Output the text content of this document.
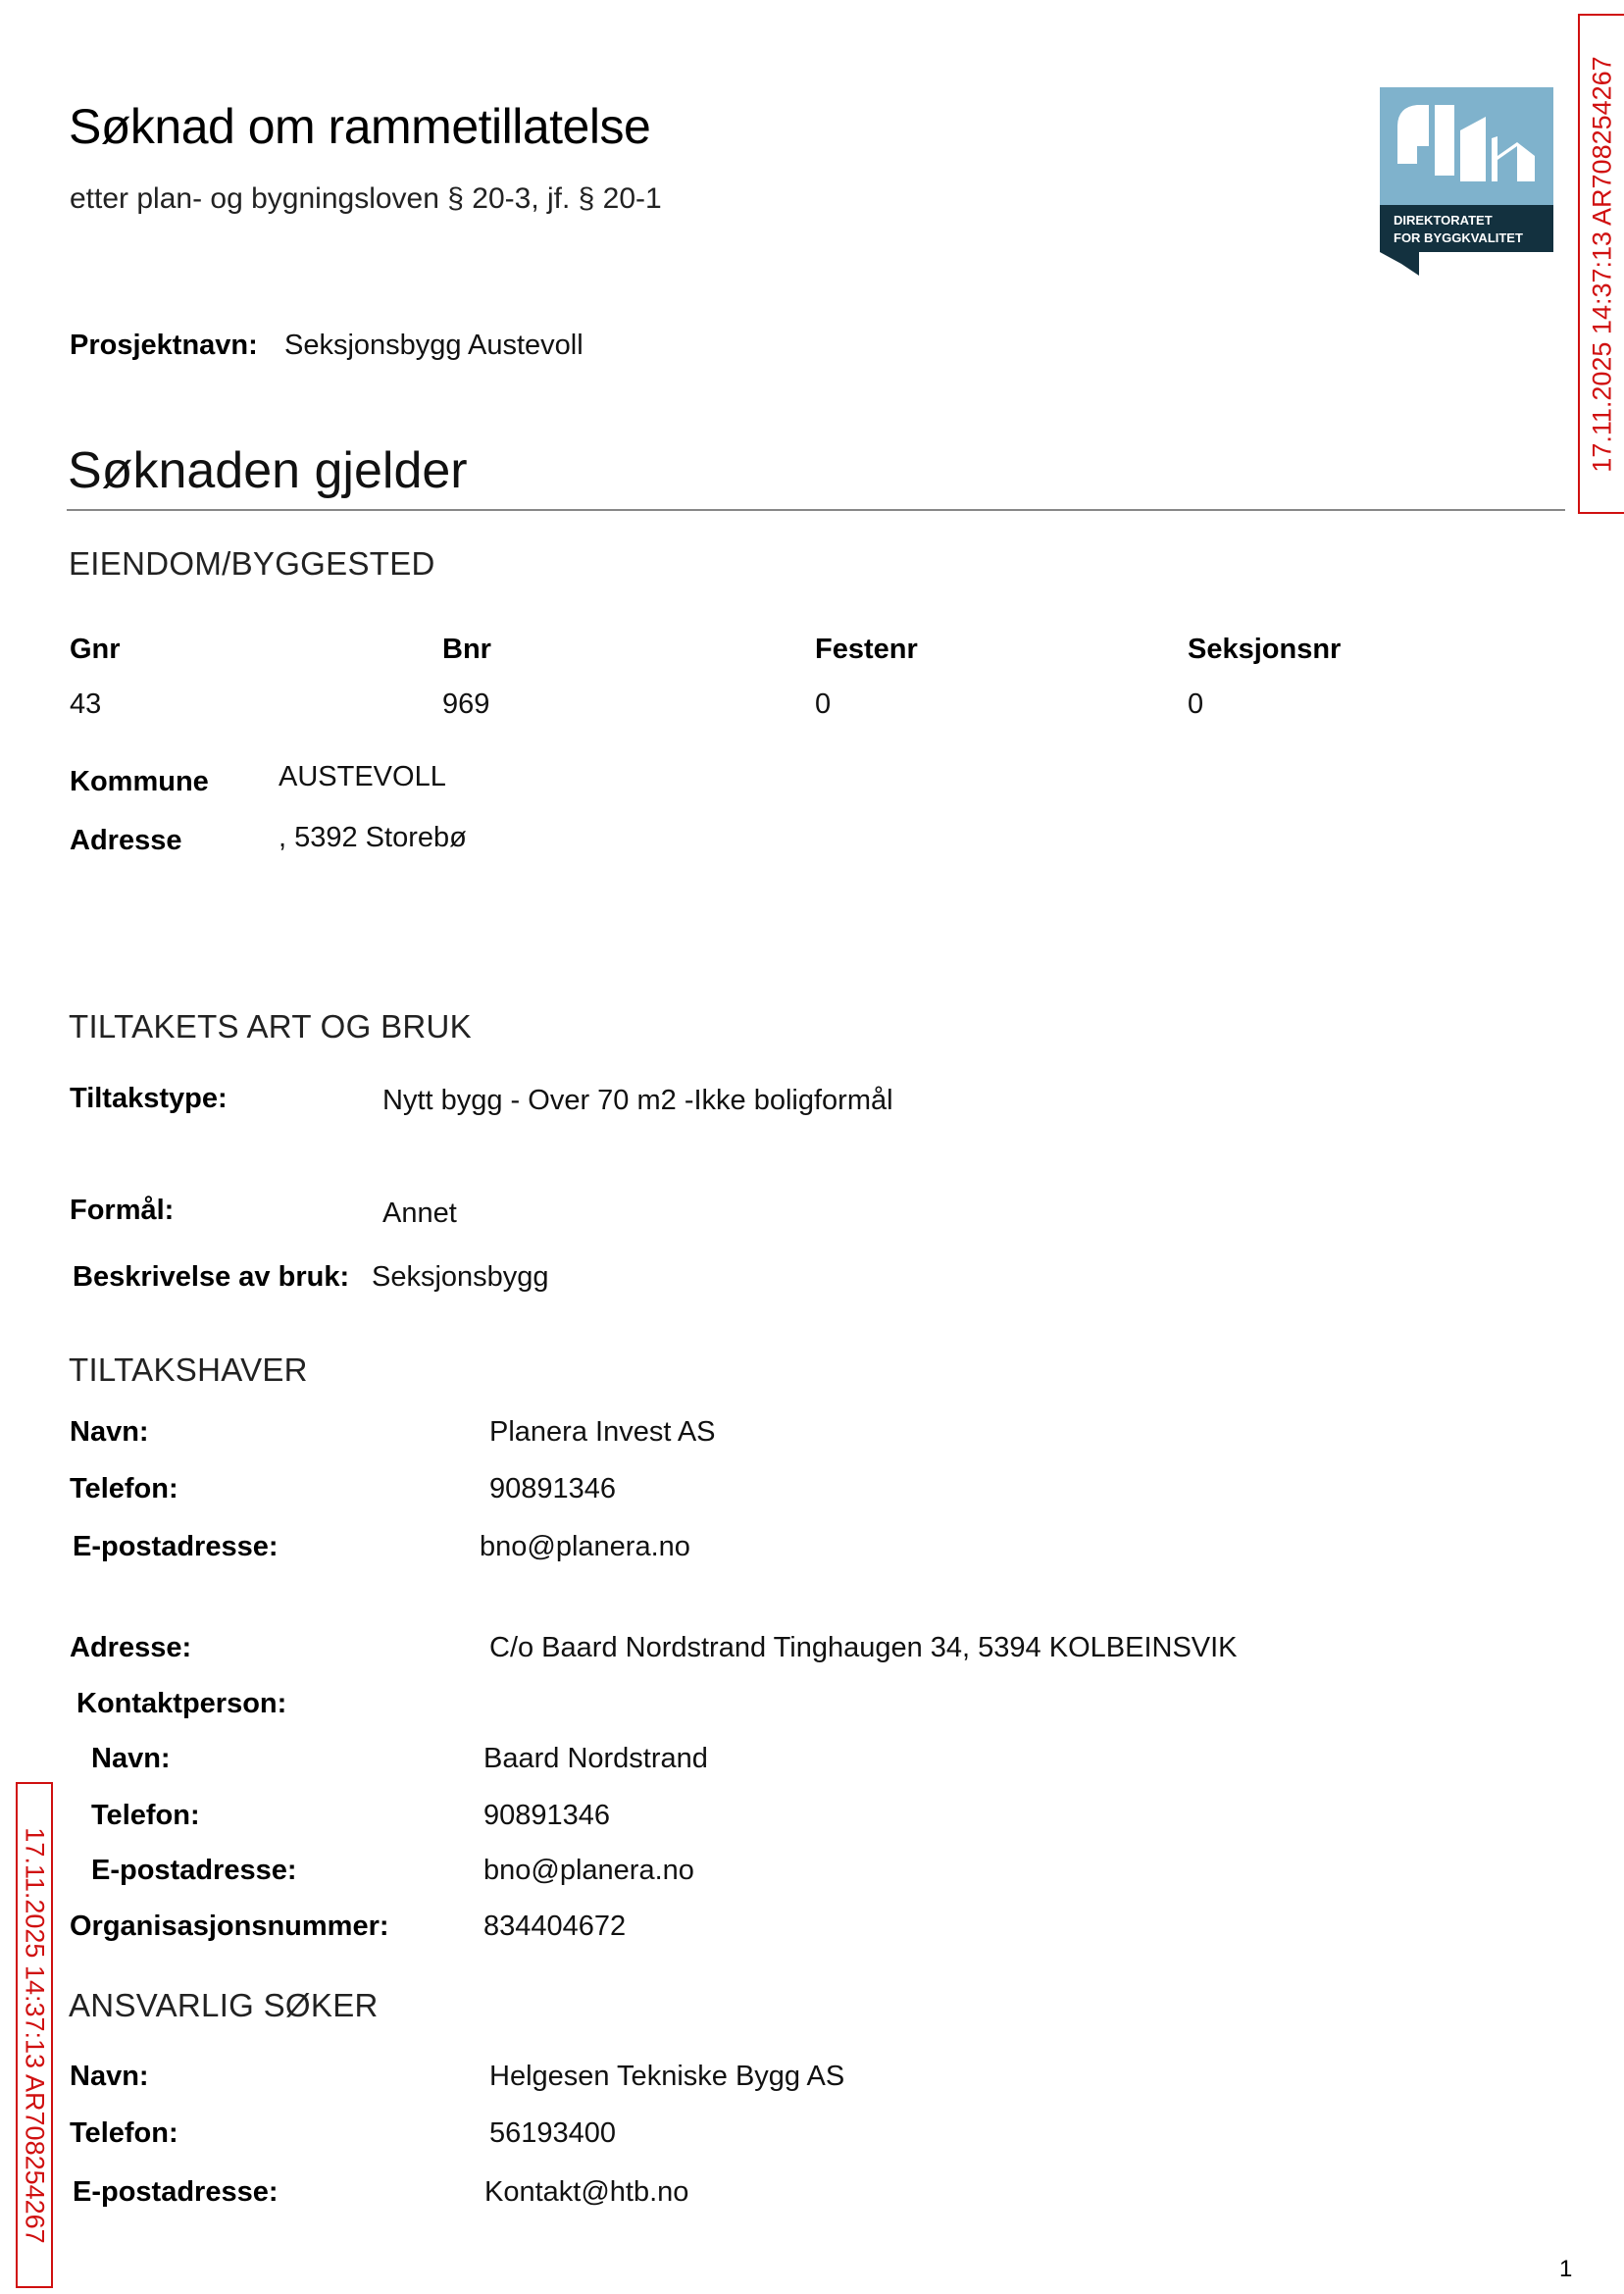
Søknad om rammetillatelse
etter plan- og bygningsloven § 20-3, jf. § 20-1
DIREKTORATET
FOR BYGGKVALITET 17.11.2025 14:37:13 AR708254267
Prosjektnavn: Seksjonsbygg Austevoll
Søknaden gjelder
EIENDOM/BYGGESTED
Gnr	Bnr	Festenr	Seksjonsnr
43	969	0	0
Kommune AUSTEVOLL
Adresse	, 5392 Storebø
TILTAKETS ART OG BRUK
Tiltakstype:	Nytt bygg - Over 70 m2 -Ikke boligformål
Formål:	Annet
Beskrivelse av bruk: Seksjonsbygg
TILTAKSHAVER
Navn:	Planera Invest AS
Telefon:	90891346
E-postadresse:	bno@planera.no
Adresse:	C/o Baard Nordstrand Tinghaugen 34, 5394 KOLBEINSVIK
Kontaktperson:
Navn:	Baard Nordstrand
Telefon:	90891346
E-postadresse:	bno@planera.no
Organisasjonsnummer:	834404672
ANSVARLIG SØKER
Navn:	Helgesen Tekniske Bygg AS
Telefon:	56193400
E-postadresse:	Kontakt@htb.no
17.11.2025 14:37:13 AR708254267
1
